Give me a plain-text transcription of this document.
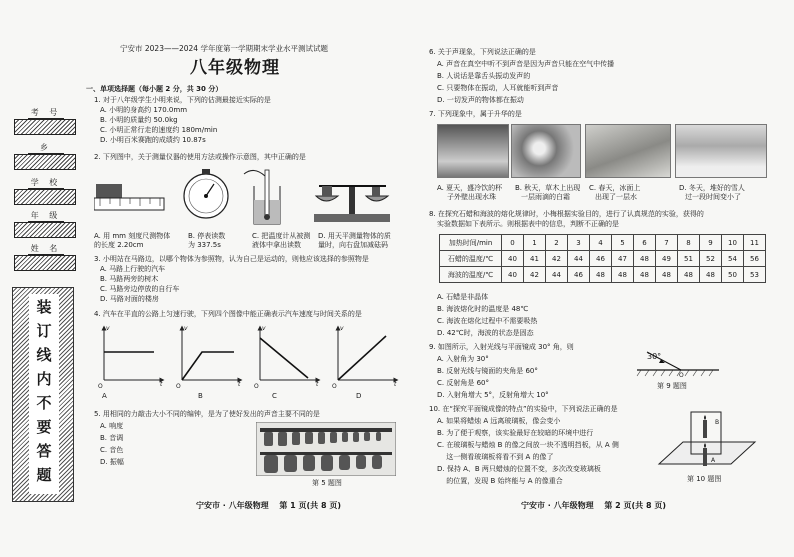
考 号
乡
学 校
年 级
姓 名
装
订
线
内
不
要
答
题
宁安市 2023——2024 学年度第一学期期末学业水平测试试题
八年级物理
一、单项选择题（每小题 2 分，共 30 分）
1. 对于八年级学生小明来说，下列的估测最接近实际的是
A. 小明的身高约 170.0mm
B. 小明的质量约 50.0kg
C. 小明正常行走的速度约 180m/min
D. 小明百米赛跑的成绩约 10.87s
2. 下列图中，关于测量仪器的使用方法或操作示意图，其中正确的是
A. 用 mm 刻度尺测物体
的长度 2.20cm
B. 停表读数
为 337.5s
C. 把温度计从被测
液体中拿出读数
D. 用天平测量物体的质
量时，向右盘加减砝码
3. 小明站在马路边，以哪个物体为参照物，认为自己是运动的，则他应该选择的参照物是
A. 马路上行驶的汽车
B. 马路两旁的树木
C. 马路旁边停放的自行车
D. 马路对面的楼房
4. 汽车在平直的公路上匀速行驶，下列四个图像中能正确表示汽车速度与时间关系的是
v	v	v	v
t	t	t	t
O	O	O	O
A	B	C	D
5. 用相同的力敲击大小不同的编钟，是为了使好发出的声音主要不同的是
A. 响度
B. 音调
C. 音色
D. 振幅
第 5 题图
宁安市 · 八年级物理　 第 1 页(共 8 页)
6. 关于声现象，下列说法正确的是
A. 声音在真空中听不到声音是因为声音只能在空气中传播
B. 人说话是靠舌头振动发声的
C. 只要物体在振动，人耳就能听到声音
D. 一切发声的物体都在振动
7. 下列现象中，属于升华的是
A. 夏天，盛冷饮的杯
子外壁出现水珠
B. 秋天，草木上出现
一层雨滴的白霜
C. 春天，冰面上
出现了一层水
D. 冬天，堆好的雪人
过一段时间变小了
8. 在探究石蜡和海波的熔化规律时，小梅根据实验目的，进行了认真规范的实验，获得的
实验数据如下表所示。则根据表中的信息，判断不正确的是
加热时间/min	0	1	2	3	4	5	6	7	8	9	10	11
石蜡的温度/℃	40	41	42	44	46	47	48	49	51	52	54	56
海波的温度/℃	40	42	44	46	48	48	48	48	48	48	50	53
A. 石蜡是非晶体
B. 海波熔化时的温度是 48℃
C. 海波在熔化过程中不需要吸热
D. 42℃时，海波的状态是固态
9. 如图所示，入射光线与平面镜成 30° 角，则
A. 入射角为 30°
B. 反射光线与镜面的夹角是 60°
C. 反射角是 60°
D. 入射角增大 5°，反射角增大 10°
30°
O
第 9 题图
10. 在“探究平面镜成像的特点”的实验中，下列说法正确的是
A. 如果将蜡烛 A 远离玻璃板，像会变小
B. 为了便于观察，该实验最好在较暗的环境中进行
C. 在玻璃板与蜡烛 B 的像之间放一块不透明挡板，从 A 侧
　 这一侧看玻璃板将看不到 A 的像了
D. 保持 A、B 两只蜡烛的位置不变，多次改变玻璃板
　 的位置，发现 B 始终能与 A 的像重合
B
A
第 10 题图
宁安市 · 八年级物理　 第 2 页(共 8 页)
